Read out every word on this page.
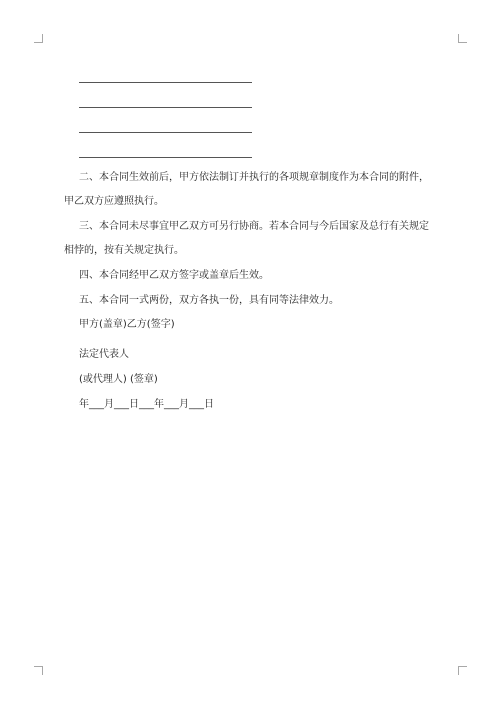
二、本合同生效前后，甲方依法制订并执行的各项规章制度作为本合同的附件，
甲乙双方应遵照执行。
三、本合同未尽事宜甲乙双方可另行协商。若本合同与今后国家及总行有关规定
相悖的，按有关规定执行。
四、本合同经甲乙双方签字或盖章后生效。
五、本合同一式两份，双方各执一份，具有同等法律效力。
甲方(盖章)乙方(签字)
法定代表人
(或代理人) (签章)
年___月___日___年___月___日
